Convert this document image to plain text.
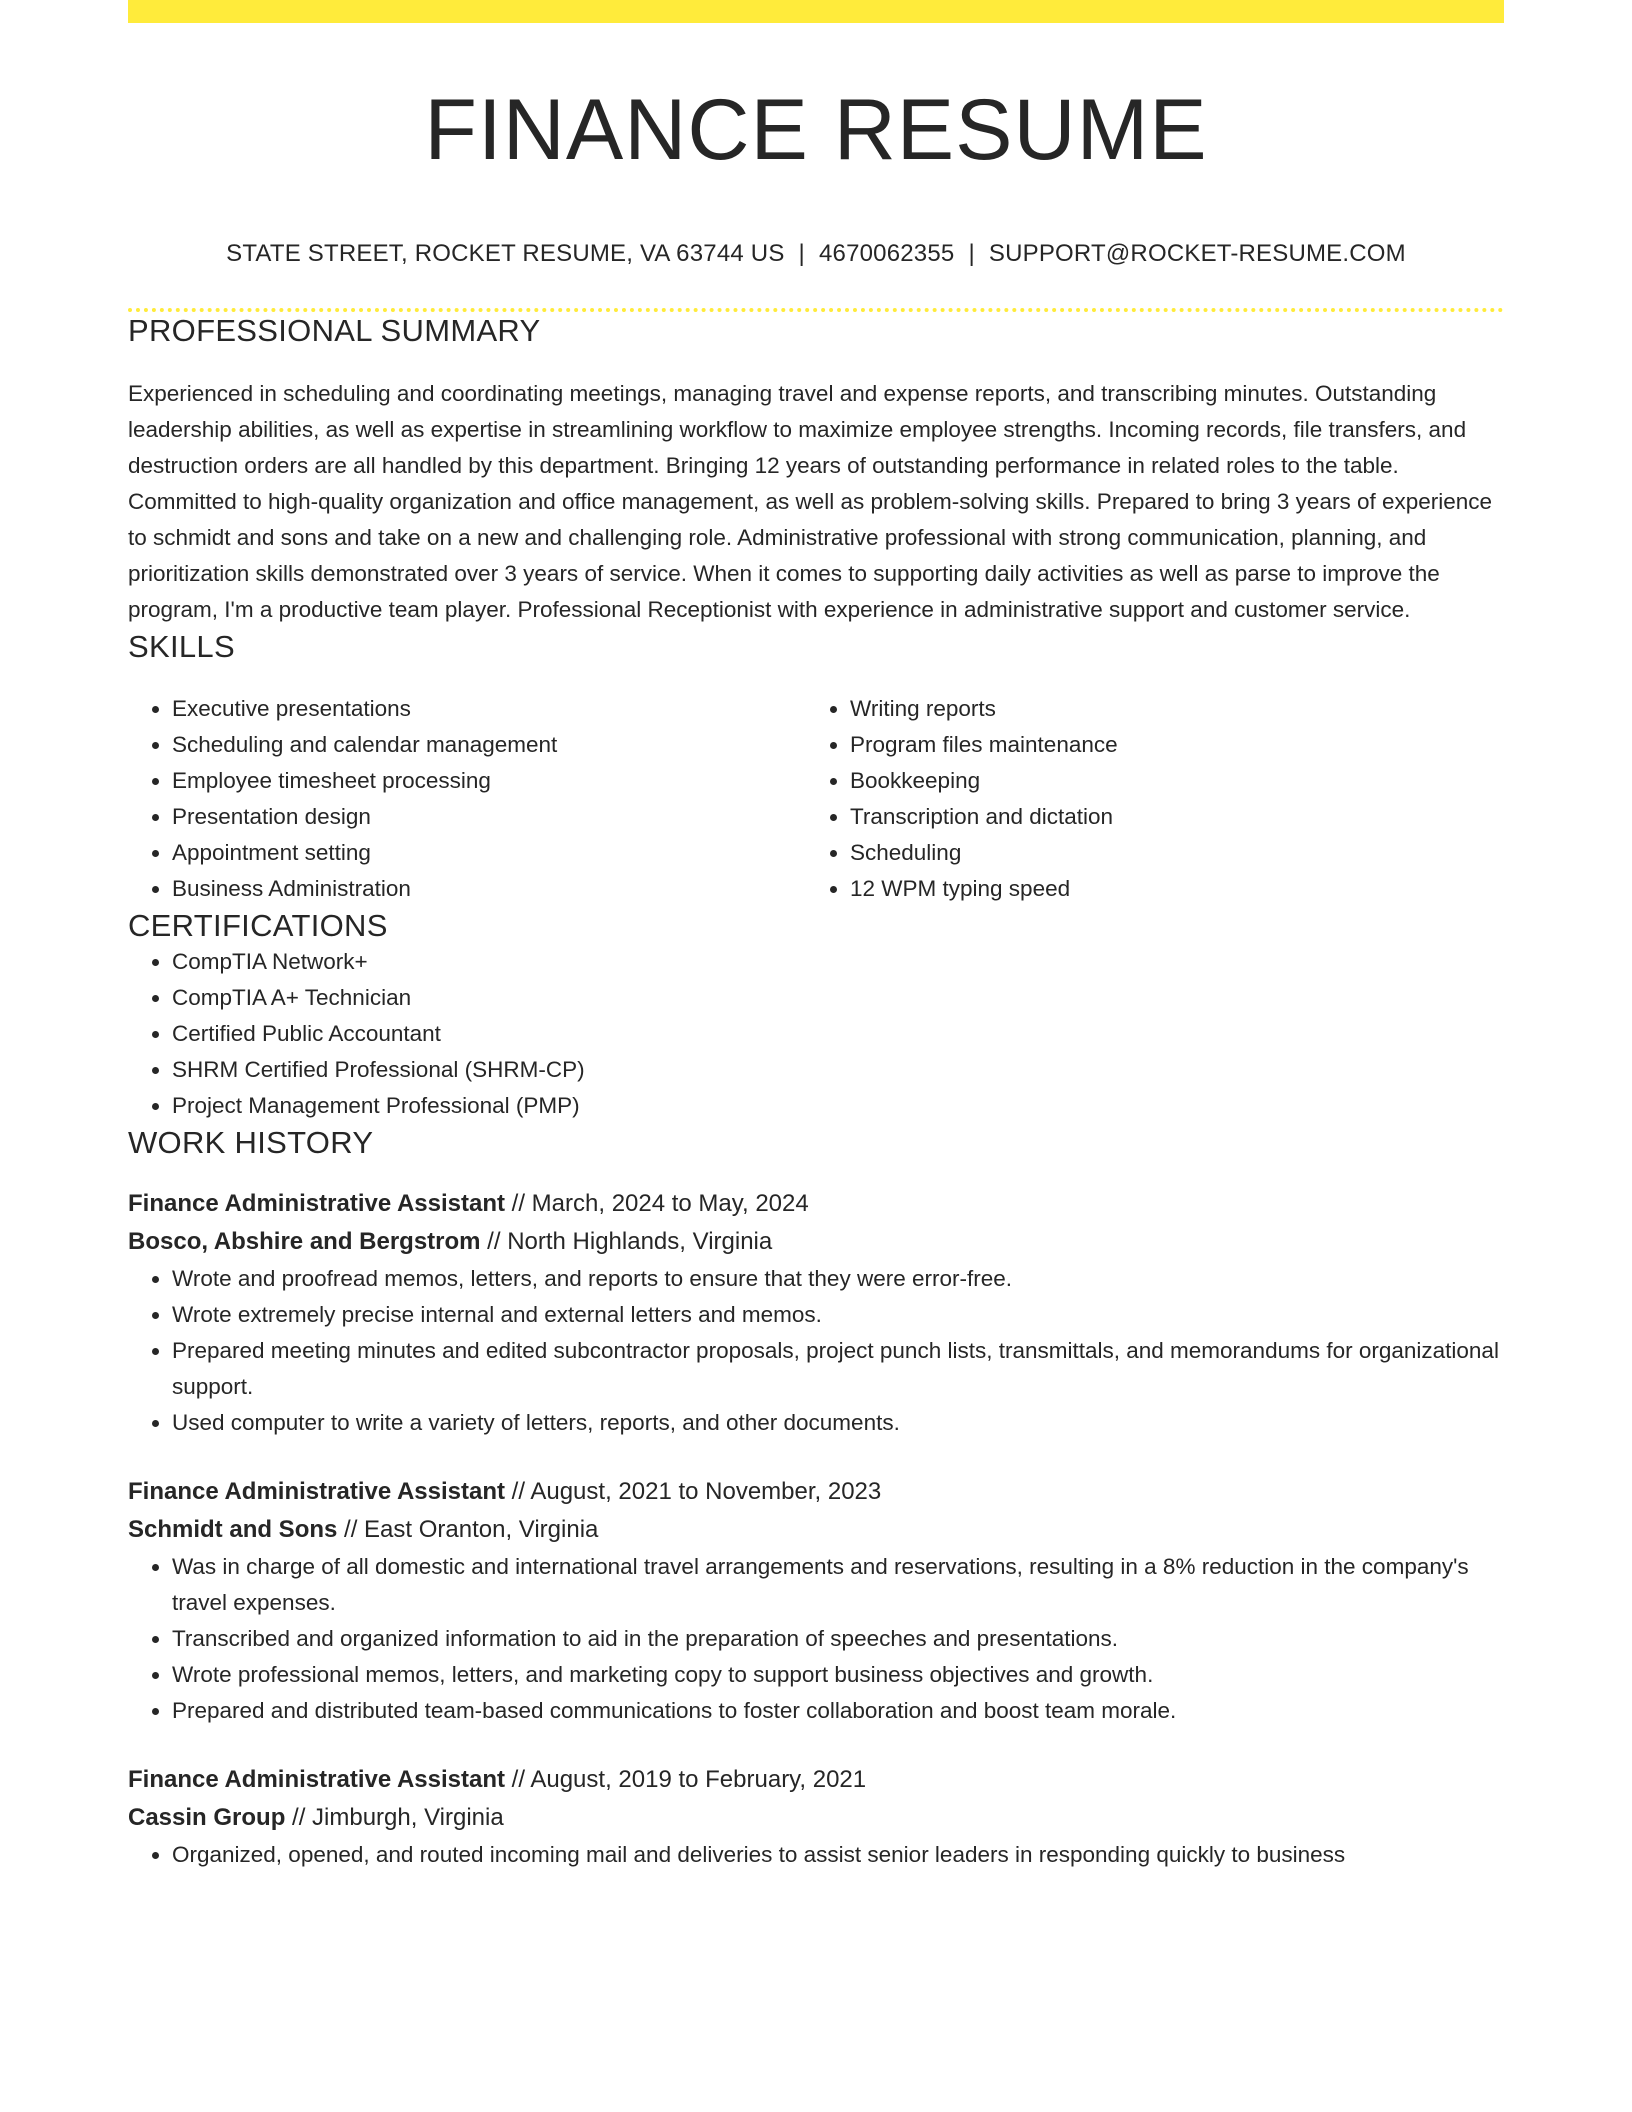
FINANCE RESUME
STATE STREET, ROCKET RESUME, VA 63744 US | 4670062355 | SUPPORT@ROCKET-RESUME.COM
PROFESSIONAL SUMMARY

Experienced in scheduling and coordinating meetings, managing travel and expense reports, and transcribing minutes. Outstanding leadership abilities, as well as expertise in streamlining workflow to maximize employee strengths. Incoming records, file transfers, and destruction orders are all handled by this department. Bringing 12 years of outstanding performance in related roles to the table. Committed to high-quality organization and office management, as well as problem-solving skills. Prepared to bring 3 years of experience to schmidt and sons and take on a new and challenging role. Administrative professional with strong communication, planning, and prioritization skills demonstrated over 3 years of service. When it comes to supporting daily activities as well as parse to improve the program, I'm a productive team player. Professional Receptionist with experience in administrative support and customer service.

SKILLS
• Executive presentations
• Scheduling and calendar management
• Employee timesheet processing
• Presentation design
• Appointment setting
• Business Administration
• Writing reports
• Program files maintenance
• Bookkeeping
• Transcription and dictation
• Scheduling
• 12 WPM typing speed
CERTIFICATIONS
• CompTIA Network+
• CompTIA A+ Technician
• Certified Public Accountant
• SHRM Certified Professional (SHRM-CP)
• Project Management Professional (PMP)
WORK HISTORY
Finance Administrative Assistant // March, 2024 to May, 2024
Bosco, Abshire and Bergstrom // North Highlands, Virginia
• Wrote and proofread memos, letters, and reports to ensure that they were error-free.
• Wrote extremely precise internal and external letters and memos.
• Prepared meeting minutes and edited subcontractor proposals, project punch lists, transmittals, and memorandums for organizational support.
• Used computer to write a variety of letters, reports, and other documents.
Finance Administrative Assistant // August, 2021 to November, 2023
Schmidt and Sons // East Oranton, Virginia
• Was in charge of all domestic and international travel arrangements and reservations, resulting in a 8% reduction in the company's travel expenses.
• Transcribed and organized information to aid in the preparation of speeches and presentations.
• Wrote professional memos, letters, and marketing copy to support business objectives and growth.
• Prepared and distributed team-based communications to foster collaboration and boost team morale.
Finance Administrative Assistant // August, 2019 to February, 2021
Cassin Group // Jimburgh, Virginia
• Organized, opened, and routed incoming mail and deliveries to assist senior leaders in responding quickly to business
